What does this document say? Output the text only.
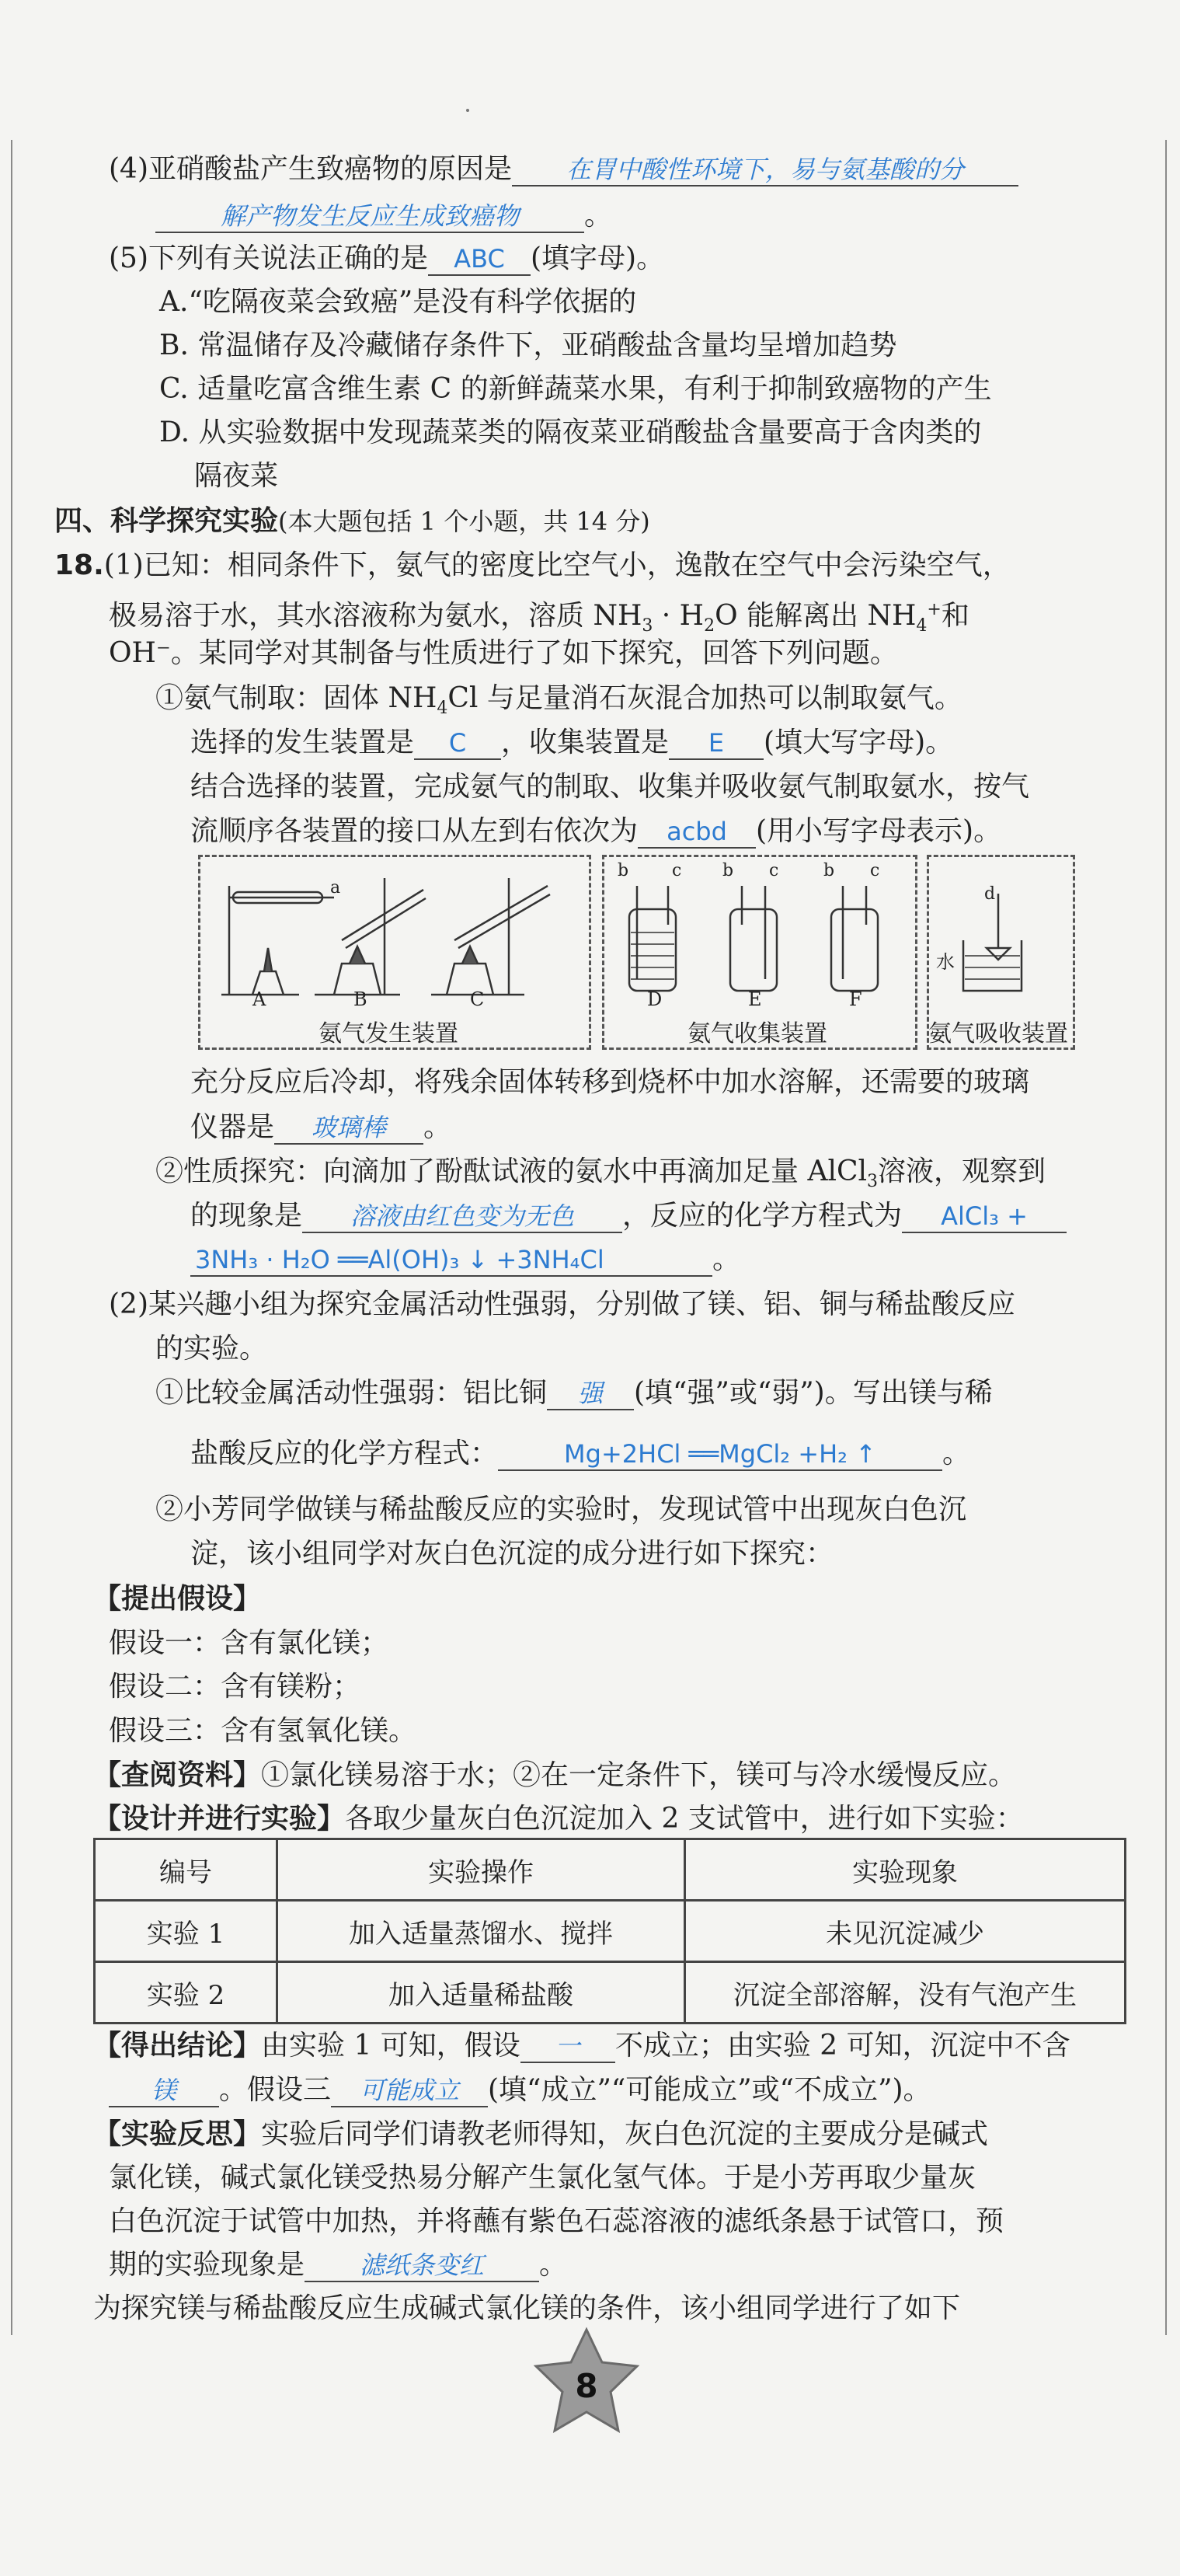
(4)亚硝酸盐产生致癌物的原因是 在胃中酸性环境下，易与氨基酸的分
解产物发生反应生成致癌物 。
(5)下列有关说法正确的是 ABC (填字母)。
A.“吃隔夜菜会致癌”是没有科学依据的
B. 常温储存及冷藏储存条件下，亚硝酸盐含量均呈增加趋势
C. 适量吃富含维生素 C 的新鲜蔬菜水果，有利于抑制致癌物的产生
D. 从实验数据中发现蔬菜类的隔夜菜亚硝酸盐含量要高于含肉类的
隔夜菜
四、科学探究实验(本大题包括 1 个小题，共 14 分)
18.(1)已知：相同条件下，氨气的密度比空气小，逸散在空气中会污染空气，
极易溶于水，其水溶液称为氨水，溶质 $NH_3 \cdot H_2O$ 能解离出 $NH_4^+$和
OH⁻。某同学对其制备与性质进行了如下探究，回答下列问题。
①氨气制取：固体 $NH_4Cl$ 与足量消石灰混合加热可以制取氨气。
选择的发生装置是 C ，收集装置是 E (填大写字母)。
结合选择的装置，完成氨气的制取、收集并吸收氨气制取氨水，按气
流顺序各装置的接口从左到右依次为 acbd (用小写字母表示)。
a
b	c b c	b c
d
水
A	B	C	D	E	F
氨气发生装置	氨气收集装置	氨气吸收装置
充分反应后冷却，将残余固体转移到烧杯中加水溶解，还需要的玻璃
仪器是 玻璃棒 。
②性质探究：向滴加了酚酞试液的氨水中再滴加足量 AlCl$_3$溶液，观察到
的现象是 溶液由红色变为无色 ，反应的化学方程式为 AlCl₃ +
3NH₃ · H₂O ══Al(OH)₃ ↓ +3NH₄Cl	。
(2)某兴趣小组为探究金属活动性强弱，分别做了镁、铝、铜与稀盐酸反应
的实验。
①比较金属活动性强弱：铝比铜 强 (填“强”或“弱”)。写出镁与稀
盐酸反应的化学方程式：	Mg+2HCl ══MgCl₂ +H₂ ↑ 。
②小芳同学做镁与稀盐酸反应的实验时，发现试管中出现灰白色沉
淀，该小组同学对灰白色沉淀的成分进行如下探究：
【提出假设】
假设一：含有氯化镁；
假设二：含有镁粉；
假设三：含有氢氧化镁。
【查阅资料】①氯化镁易溶于水；②在一定条件下，镁可与冷水缓慢反应。
【设计并进行实验】各取少量灰白色沉淀加入 2 支试管中，进行如下实验：
编号	实验操作	实验现象
实验 1	加入适量蒸馏水、搅拌	未见沉淀减少
实验 2	加入适量稀盐酸	沉淀全部溶解，没有气泡产生
【得出结论】由实验 1 可知，假设 一 不成立；由实验 2 可知，沉淀中不含
镁 。假设三 可能成立 (填“成立”“可能成立”或“不成立”)。
【实验反思】实验后同学们请教老师得知，灰白色沉淀的主要成分是碱式
氯化镁，碱式氯化镁受热易分解产生氯化氢气体。于是小芳再取少量灰
白色沉淀于试管中加热，并将蘸有紫色石蕊溶液的滤纸条悬于试管口，预
期的实验现象是 滤纸条变红 。
为探究镁与稀盐酸反应生成碱式氯化镁的条件，该小组同学进行了如下
8
